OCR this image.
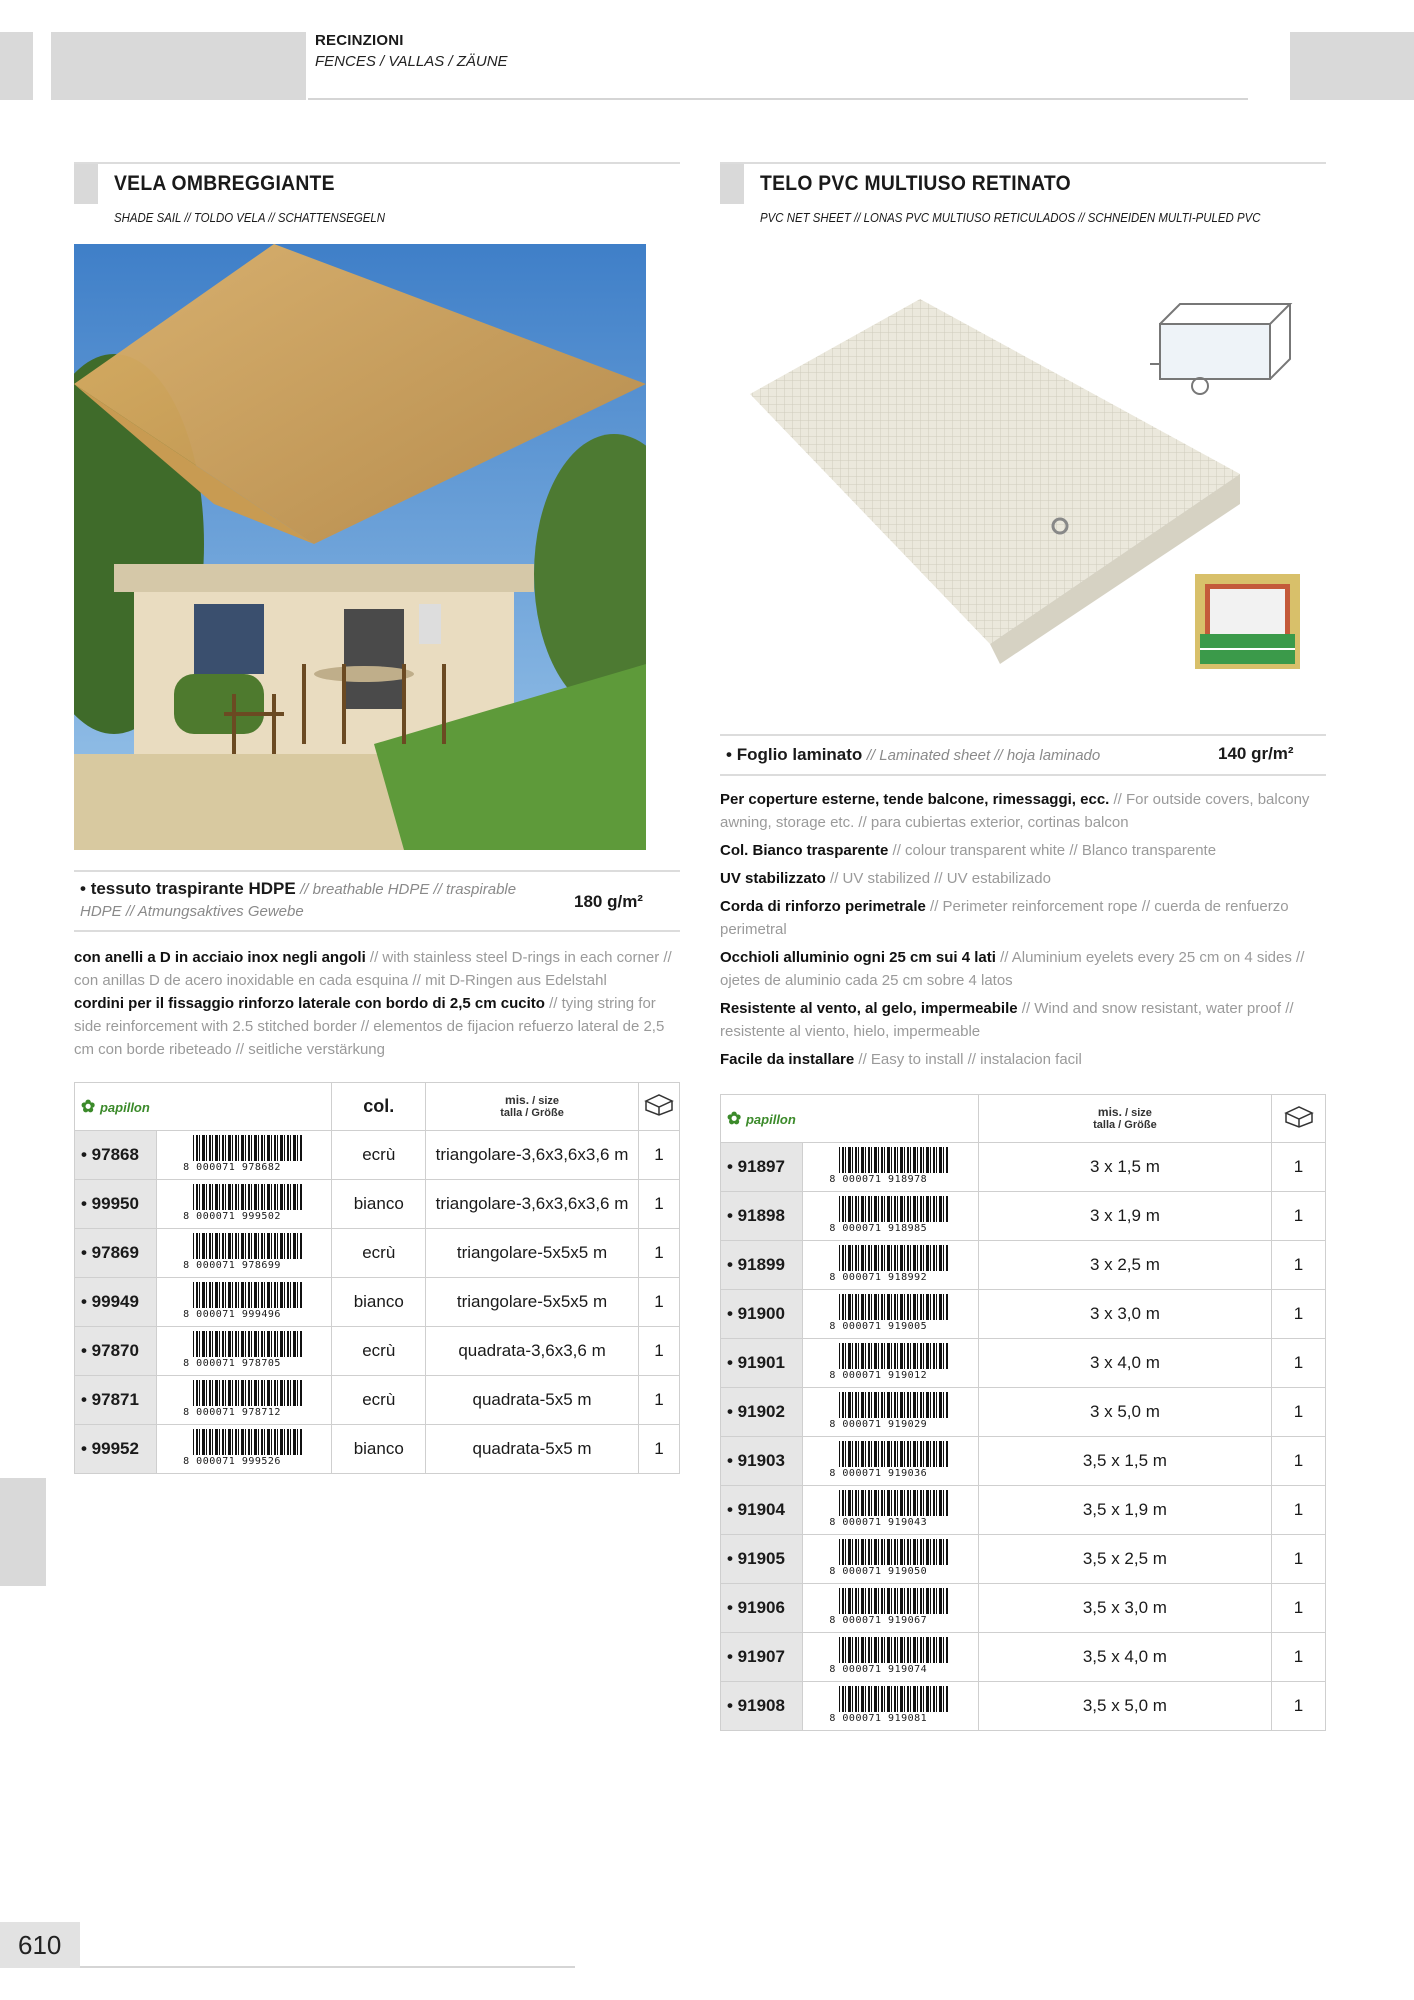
RECINZIONI
FENCES / VALLAS / ZÄUNE
VELA OMBREGGIANTE
SHADE SAIL // TOLDO VELA // SCHATTENSEGELN
• tessuto traspirante HDPE // breathable HDPE // traspirable HDPE // Atmungsaktives Gewebe
180 g/m²
con anelli a D in acciaio inox negli angoli // with stainless steel D-rings in each corner // con anillas D de acero inoxidable en cada esquina // mit D-Ringen aus Edelstahl
cordini per il fissaggio rinforzo laterale con bordo di 2,5 cm cucito // tying string for side reinforcement with 2.5 stitched border // elementos de fijacion refuerzo lateral de 2,5 cm con borde ribeteado // seitliche verstärkung
✿ papillon		col.	mis. / size
talla / Größe	
• 97868	8 000071 978682	ecrù	triangolare-3,6x3,6x3,6 m	1
• 99950	8 000071 999502	bianco	triangolare-3,6x3,6x3,6 m	1
• 97869	8 000071 978699	ecrù	triangolare-5x5x5 m	1
• 99949	8 000071 999496	bianco	triangolare-5x5x5 m	1
• 97870	8 000071 978705	ecrù	quadrata-3,6x3,6 m	1
• 97871	8 000071 978712	ecrù	quadrata-5x5 m	1
• 99952	8 000071 999526	bianco	quadrata-5x5 m	1
TELO PVC MULTIUSO RETINATO
PVC NET SHEET // LONAS PVC MULTIUSO RETICULADOS // SCHNEIDEN MULTI-PULED PVC
• Foglio laminato // Laminated sheet // hoja laminado	140 gr/m²
Per coperture esterne, tende balcone, rimessaggi, ecc. // For outside covers, balcony awning, storage etc. // para cubiertas exterior, cortinas balcon
Col. Bianco trasparente // colour transparent white // Blanco transparente
UV stabilizzato // UV stabilized // UV estabilizado
Corda di rinforzo perimetrale // Perimeter reinforcement rope // cuerda de renfuerzo perimetral
Occhioli alluminio ogni 25 cm sui 4 lati // Aluminium eyelets every 25 cm on 4 sides // ojetes de aluminio cada 25 cm sobre 4 latos
Resistente al vento, al gelo, impermeabile // Wind and snow resistant, water proof // resistente al viento, hielo, impermeable
Facile da installare // Easy to install // instalacion facil
✿ papillon		mis. / size
talla / Größe	
• 91897	8 000071 918978	3 x 1,5 m	1
• 91898	8 000071 918985	3 x 1,9 m	1
• 91899	8 000071 918992	3 x 2,5 m	1
• 91900	8 000071 919005	3 x 3,0 m	1
• 91901	8 000071 919012	3 x 4,0 m	1
• 91902	8 000071 919029	3 x 5,0 m	1
• 91903	8 000071 919036	3,5 x 1,5 m	1
• 91904	8 000071 919043	3,5 x 1,9 m	1
• 91905	8 000071 919050	3,5 x 2,5 m	1
• 91906	8 000071 919067	3,5 x 3,0 m	1
• 91907	8 000071 919074	3,5 x 4,0 m	1
• 91908	8 000071 919081	3,5 x 5,0 m	1
610
